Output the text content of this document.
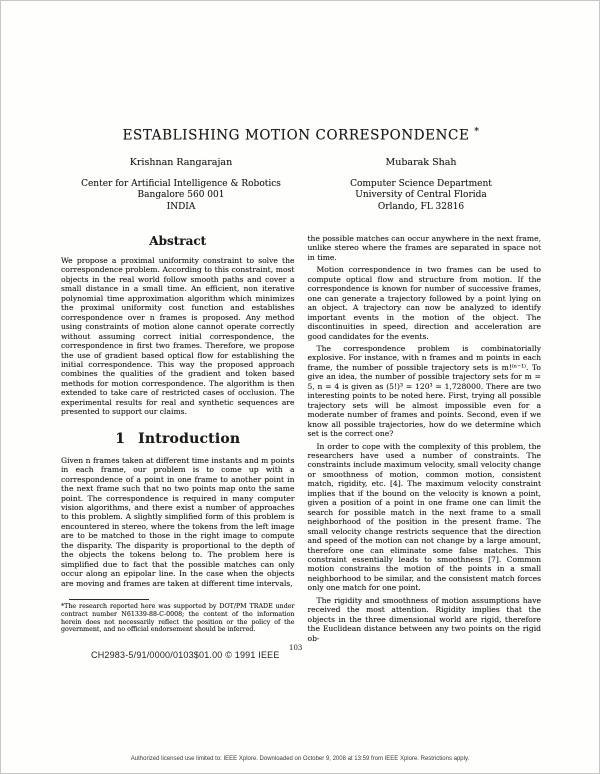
ESTABLISHING MOTION CORRESPONDENCE *

Krishnan Rangarajan

Center for Artificial Intelligence & Robotics
Bangalore 560 001
INDIA

Mubarak Shah

Computer Science Department
University of Central Florida
Orlando, FL 32816
Abstract

We propose a proximal uniformity constraint to solve the correspondence problem. According to this constraint, most objects in the real world follow smooth paths and cover a small distance in a small time. An efficient, non iterative polynomial time approximation algorithm which minimizes the proximal uniformity cost function and establishes correspondence over n frames is proposed. Any method using constraints of motion alone cannot operate correctly without assuming correct initial correspondence, the correspondence in first two frames. Therefore, we propose the use of gradient based optical flow for establishing the initial correspondence. This way the proposed approach combines the qualities of the gradient and token based methods for motion correspondence. The algorithm is then extended to take care of restricted cases of occlusion. The experimental results for real and synthetic sequences are presented to support our claims.

1 Introduction

Given n frames taken at different time instants and m points in each frame, our problem is to come up with a correspondence of a point in one frame to another point in the next frame such that no two points map onto the same point. The correspondence is required in many computer vision algorithms, and there exist a number of approaches to this problem. A slightly simplified form of this problem is encountered in stereo, where the tokens from the left image are to be matched to those in the right image to compute the disparity. The disparity is proportional to the depth of the objects the tokens belong to. The problem here is simplified due to fact that the possible matches can only occur along an epipolar line. In the case when the objects are moving and frames are taken at different time intervals,

*The research reported here was supported by DOT/PM TRADE under contract number N61339-88-C-0008; the content of the information herein does not necessarily reflect the position or the policy of the government, and no official endorsement should be inferred.

the possible matches can occur anywhere in the next frame, unlike stereo where the frames are separated in space not in time.

Motion correspondence in two frames can be used to compute optical flow and structure from motion. If the correspondence is known for number of successive frames, one can generate a trajectory followed by a point lying on an object. A trajectory can now be analyzed to identify important events in the motion of the object. The discontinuities in speed, direction and acceleration are good candidates for the events.

The correspondence problem is combinatorially explosive. For instance, with n frames and m points in each frame, the number of possible trajectory sets is m!⁽ⁿ⁻¹⁾. To give an idea, the number of possible trajectory sets for m = 5, n = 4 is given as (5!)³ = 120³ = 1,728000. There are two interesting points to be noted here. First, trying all possible trajectory sets will be almost impossible even for a moderate number of frames and points. Second, even if we know all possible trajectories, how do we determine which set is the correct one?

In order to cope with the complexity of this problem, the researchers have used a number of constraints. The constraints include maximum velocity, small velocity change or smoothness of motion, common motion, consistent match, rigidity, etc. [4]. The maximum velocity constraint implies that if the bound on the velocity is known a point, given a position of a point in one frame one can limit the search for possible match in the next frame to a small neighborhood of the position in the present frame. The small velocity change restricts sequence that the direction and speed of the motion can not change by a large amount, therefore one can eliminate some false matches. This constraint essentially leads to smoothness [7]. Common motion constrains the motion of the points in a small neighborhood to be similar, and the consistent match forces only one match for one point.

The rigidity and smoothness of motion assumptions have received the most attention. Rigidity implies that the objects in the three dimensional world are rigid, therefore the Euclidean distance between any two points on the rigid ob-

103
CH2983-5/91/0000/0103$01.00 © 1991 IEEE
Authorized licensed use limited to: IEEE Xplore. Downloaded on October 9, 2008 at 13:59 from IEEE Xplore. Restrictions apply.
